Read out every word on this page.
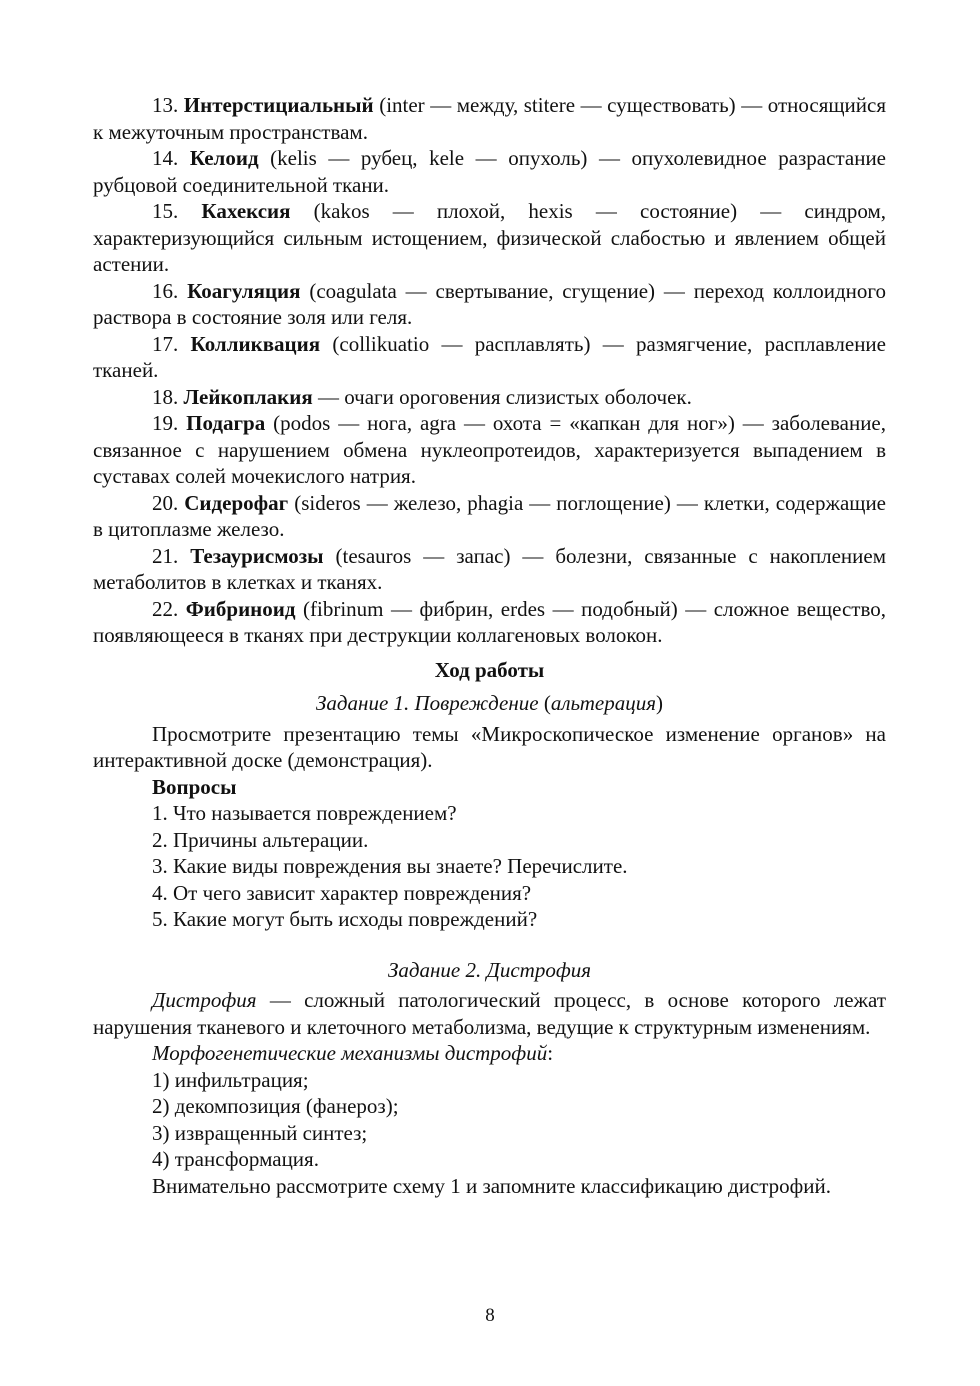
13. Интерстициальный (inter — между, stitere — существовать) — относящийся к межуточным пространствам.

14. Келоид (kelis — рубец, kele — опухоль) — опухолевидное разрастание рубцовой соединительной ткани.

15. Кахексия (kakos — плохой, hexis — состояние) — синдром, характеризующийся сильным истощением, физической слабостью и явлением общей астении.

16. Коагуляция (coagulata — свертывание, сгущение) — переход коллоидного раствора в состояние золя или геля.

17. Колликвация (collikuatio — расплавлять) — размягчение, расплавление тканей.

18. Лейкоплакия — очаги ороговения слизистых оболочек.

19. Подагра (podos — нога, agra — охота = «капкан для ног») — заболевание, связанное с нарушением обмена нуклеопротеидов, характеризуется выпадением в суставах солей мочекислого натрия.

20. Сидерофаг (sideros — железо, phagia — поглощение) — клетки, содержащие в цитоплазме железо.

21. Тезаурисмозы (tesauros — запас) — болезни, связанные с накоплением метаболитов в клетках и тканях.

22. Фибриноид (fibrinum — фибрин, erdes — подобный) — сложное вещество, появляющееся в тканях при деструкции коллагеновых волокон.

Ход работы

Задание 1. Повреждение (альтерация)

Просмотрите презентацию темы «Микроскопическое изменение органов» на интерактивной доске (демонстрация).

Вопросы

1. Что называется повреждением?

2. Причины альтерации.

3. Какие виды повреждения вы знаете? Перечислите.

4. От чего зависит характер повреждения?

5. Какие могут быть исходы повреждений?

Задание 2. Дистрофия

Дистрофия — сложный патологический процесс, в основе которого лежат нарушения тканевого и клеточного метаболизма, ведущие к структурным изменениям.

Морфогенетические механизмы дистрофий:

1) инфильтрация;

2) декомпозиция (фанероз);

3) извращенный синтез;

4) трансформация.

Внимательно рассмотрите схему 1 и запомните классификацию дистрофий.

8
